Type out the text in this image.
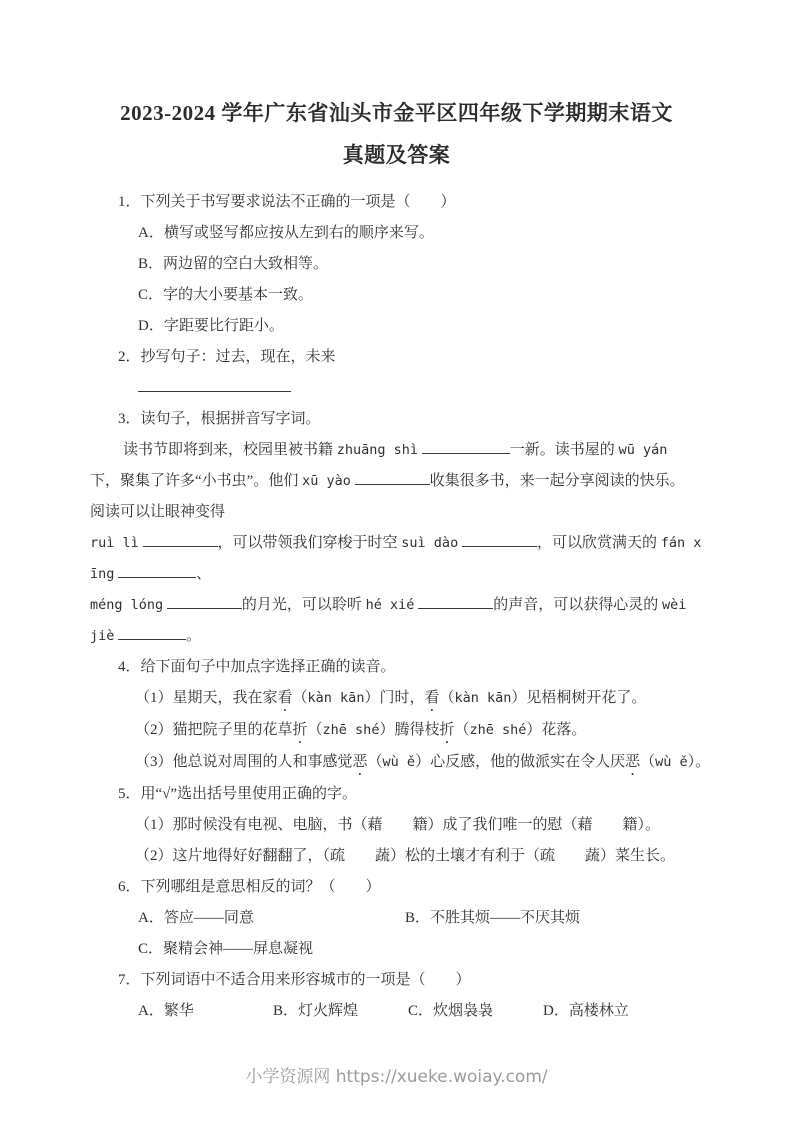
2023-2024 学年广东省汕头市金平区四年级下学期期末语文
真题及答案
1．下列关于书写要求说法不正确的一项是（　　）
A．横写或竖写都应按从左到右的顺序来写。
B．两边留的空白大致相等。
C．字的大小要基本一致。
D．字距要比行距小。
2．抄写句子：过去，现在，未来
3．读句子，根据拼音写字词。
读书节即将到来，校园里被书籍 zhuāng shì	一新。读书屋的 wū yán
下，聚集了许多“小书虫”。他们 xū yào	收集很多书，来一起分享阅读的快乐。
阅读可以让眼神变得
ruì lì	，可以带领我们穿梭于时空 suì dào	，可以欣赏满天的 fán x
īng	、
méng lóng	的月光，可以聆听 hé xié	的声音，可以获得心灵的 wèi
jiè	。
4．给下面句子中加点字选择正确的读音。
（1）星期天，我在家看（kàn kān）门时，看（kàn kān）见梧桐树开花了。
（2）猫把院子里的花草折（zhē shé）腾得枝折（zhē shé）花落。
（3）他总说对周围的人和事感觉恶（wù ě）心反感，他的做派实在令人厌恶（wù ě）。
5．用“√”选出括号里使用正确的字。
（1）那时候没有电视、电脑，书（藉　　籍）成了我们唯一的慰（藉　　籍）。
（2）这片地得好好翻翻了，（疏　　蔬）松的土壤才有利于（疏　　蔬）菜生长。
6．下列哪组是意思相反的词？（　　）
A．答应——同意	B．不胜其烦——不厌其烦
C．聚精会神——屏息凝视
7．下列词语中不适合用来形容城市的一项是（　　）
A．繁华	B．灯火辉煌	C．炊烟袅袅	D．高楼林立
小学资源网 https://xueke.woiay.com/
